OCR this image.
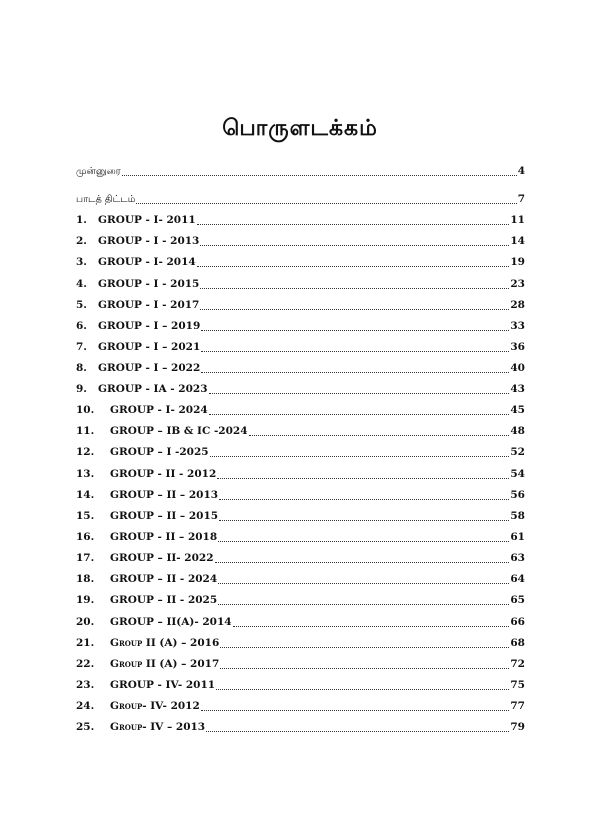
பொருளடக்கம்
முன்னுரை	4
பாடத் திட்டம்	7
1.	GROUP - I- 2011	11
2.	GROUP - I - 2013	14
3.	GROUP - I- 2014	19
4.	GROUP - I - 2015	23
5.	GROUP - I - 2017	28
6.	GROUP - I – 2019	33
7.	GROUP - I – 2021	36
8.	GROUP - I – 2022	40
9.	GROUP - IA - 2023	43
10.	GROUP - I- 2024	45
11.	GROUP – IB & IC -2024	48
12.	GROUP – I -2025	52
13.	GROUP - II - 2012	54
14.	GROUP – II – 2013	56
15.	GROUP – II – 2015	58
16.	GROUP - II – 2018	61
17.	GROUP – II- 2022	63
18.	GROUP – II - 2024	64
19.	GROUP – II - 2025	65
20.	GROUP – II(A)- 2014	66
21.	Group II (A) – 2016	68
22.	Group II (A) – 2017	72
23.	GROUP - IV- 2011	75
24.	Group- IV- 2012	77
25.	Group- IV – 2013	79
